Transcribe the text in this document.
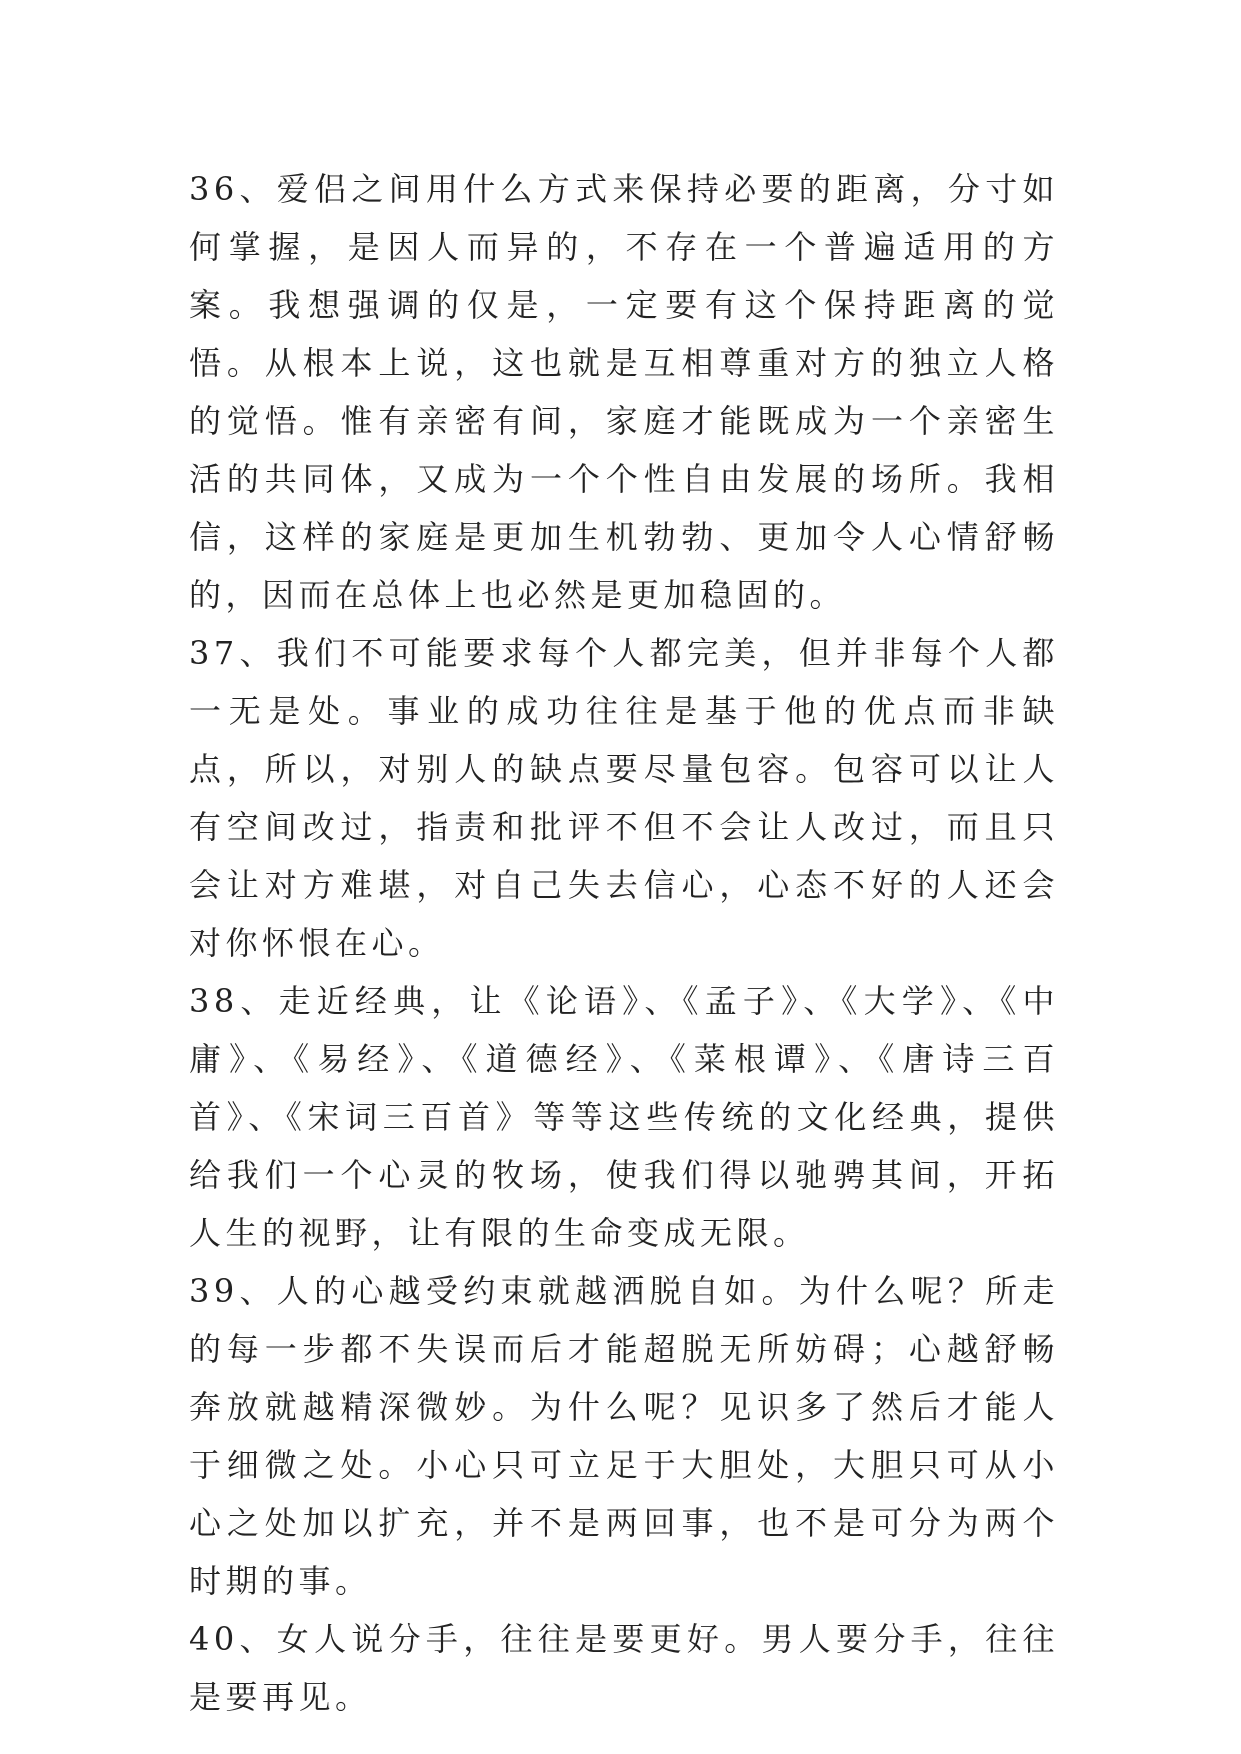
36、爱侣之间用什么方式来保持必要的距离，分寸如何掌握，是因人而异的，不存在一个普遍适用的方案。我想强调的仅是，一定要有这个保持距离的觉悟。从根本上说，这也就是互相尊重对方的独立人格的觉悟。惟有亲密有间，家庭才能既成为一个亲密生活的共同体，又成为一个个性自由发展的场所。我相信，这样的家庭是更加生机勃勃、更加令人心情舒畅的，因而在总体上也必然是更加稳固的。

37、我们不可能要求每个人都完美，但并非每个人都一无是处。事业的成功往往是基于他的优点而非缺点，所以，对别人的缺点要尽量包容。包容可以让人有空间改过，指责和批评不但不会让人改过，而且只会让对方难堪，对自己失去信心，心态不好的人还会对你怀恨在心。

38、走近经典，让《论语》、《孟子》、《大学》、《中庸》、《易经》、《道德经》、《菜根谭》、《唐诗三百首》、《宋词三百首》等等这些传统的文化经典，提供给我们一个心灵的牧场，使我们得以驰骋其间，开拓人生的视野，让有限的生命变成无限。

39、人的心越受约束就越洒脱自如。为什么呢？所走的每一步都不失误而后才能超脱无所妨碍；心越舒畅奔放就越精深微妙。为什么呢？见识多了然后才能人于细微之处。小心只可立足于大胆处，大胆只可从小心之处加以扩充，并不是两回事，也不是可分为两个时期的事。

40、女人说分手，往往是要更好。男人要分手，往往是要再见。
